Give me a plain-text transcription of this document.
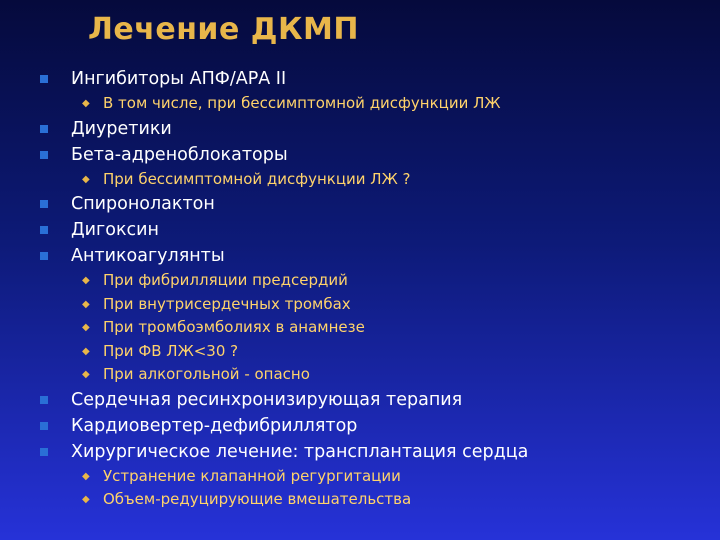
Лечение ДКМП
Ингибиторы АПФ/АРА II
◆ В том числе, при бессимптомной дисфункции ЛЖ
Диуретики
Бета-адреноблокаторы
◆ При бессимптомной дисфункции ЛЖ ?
Спиронолактон
Дигоксин
Антикоагулянты
◆ При фибрилляции предсердий
◆ При внутрисердечных тромбах
◆ При тромбоэмболиях в анамнезе
◆ При ФВ ЛЖ<30 ?
◆ При алкогольной - опасно
Сердечная ресинхронизирующая терапия
Кардиовертер-дефибриллятор
Хирургическое лечение: трансплантация сердца
◆ Устранение клапанной регургитации
◆ Объем-редуцирующие вмешательства
